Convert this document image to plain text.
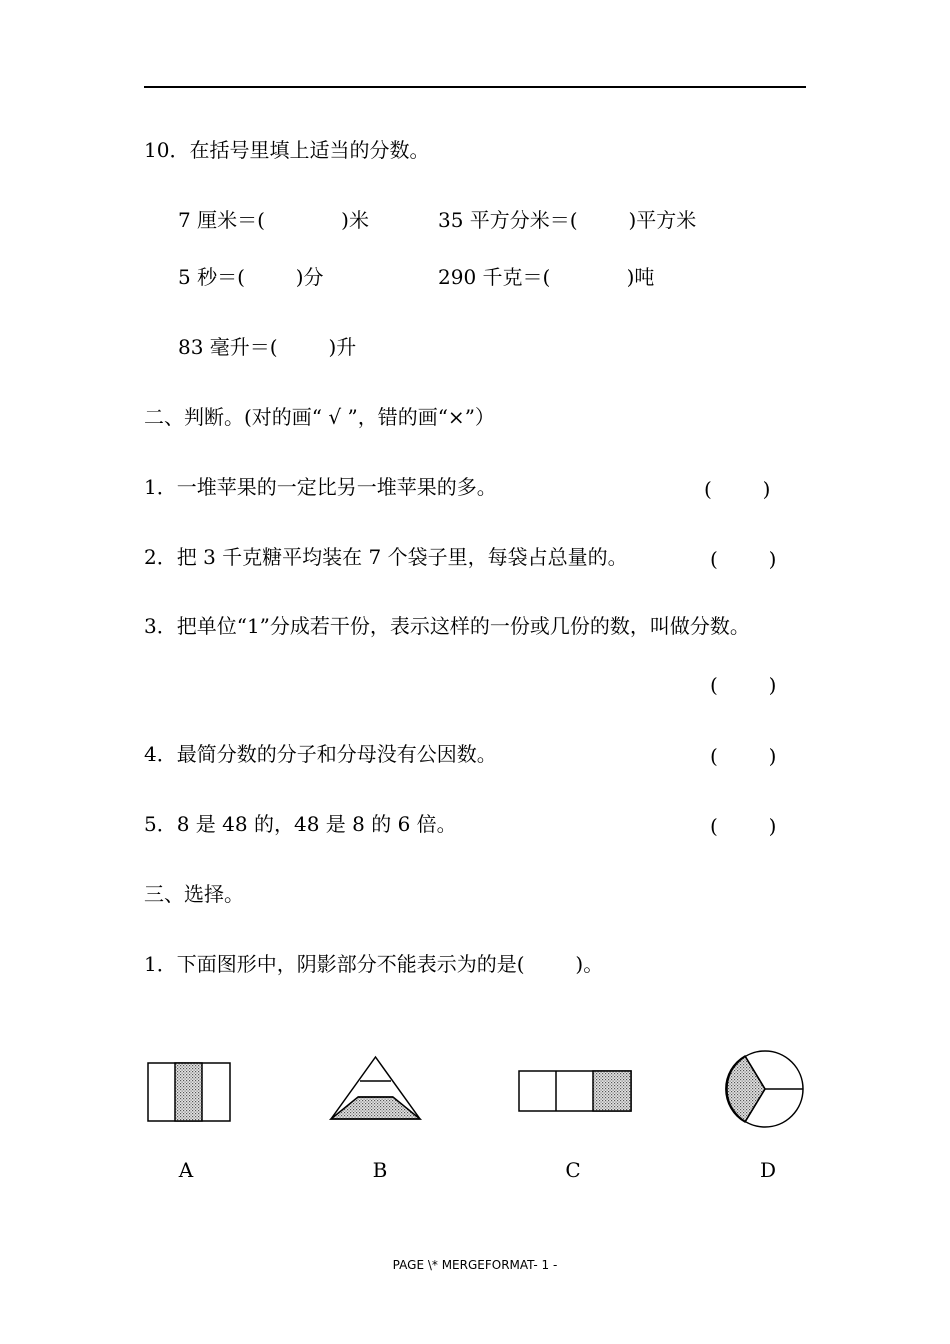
10．在括号里填上适当的分数。
7 厘米＝(            )米	35 平方分米＝(        )平方米
5 秒＝(        )分	290 千克＝(            )吨
83 毫升＝(        )升
二、判断。(对的画“ √ ”，错的画“×”）
1．一堆苹果的一定比另一堆苹果的多。	(        )
2．把 3 千克糖平均装在 7 个袋子里，每袋占总量的。	(        )
3．把单位“1”分成若干份，表示这样的一份或几份的数，叫做分数。
(        )
4．最简分数的分子和分母没有公因数。	(        )
5．8 是 48 的，48 是 8 的 6 倍。	(        )
三、选择。
1．下面图形中，阴影部分不能表示为的是(        )。
A	B	C	D
PAGE \* MERGEFORMAT- 1 -
